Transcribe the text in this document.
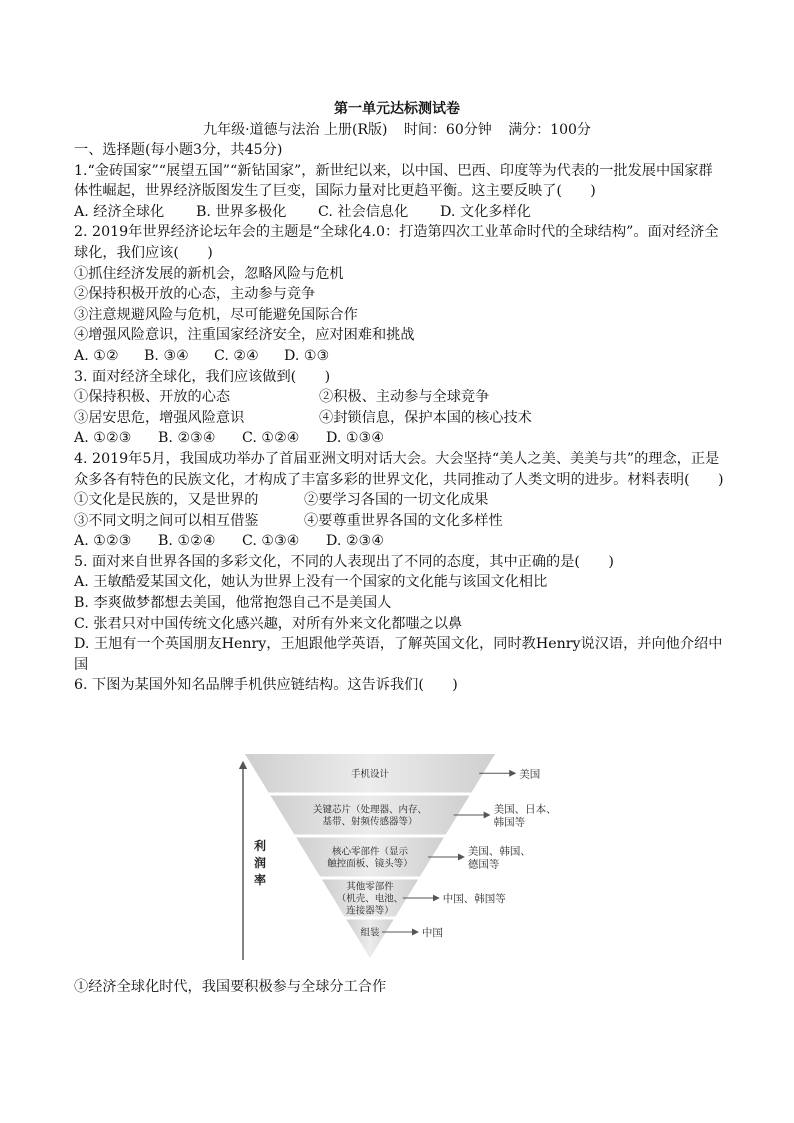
第一单元达标测试卷
九年级·道德与法治 上册(R版) 时间：60分钟 满分：100分
一、选择题(每小题3分，共45分)
1.“金砖国家”“展望五国”“新钻国家”，新世纪以来，以中国、巴西、印度等为代表的一批发展中国家群体性崛起，世界经济版图发生了巨变，国际力量对比更趋平衡。这主要反映了(　　)
A. 经济全球化 B. 世界多极化 C. 社会信息化 D. 文化多样化
2. 2019年世界经济论坛年会的主题是“全球化4.0：打造第四次工业革命时代的全球结构”。面对经济全球化，我们应该(　　)
①抓住经济发展的新机会，忽略风险与危机
②保持积极开放的心态，主动参与竞争
③注意规避风险与危机，尽可能避免国际合作
④增强风险意识，注重国家经济安全，应对困难和挑战
A. ①② B. ③④ C. ②④ D. ①③
3. 面对经济全球化，我们应该做到(　　)
①保持积极、开放的心态	②积极、主动参与全球竞争
③居安思危，增强风险意识	④封锁信息，保护本国的核心技术
A. ①②③ B. ②③④ C. ①②④ D. ①③④
4. 2019年5月，我国成功举办了首届亚洲文明对话大会。大会坚持“美人之美、美美与共”的理念，正是众多各有特色的民族文化，才构成了丰富多彩的世界文化，共同推动了人类文明的进步。材料表明(　　)
①文化是民族的，又是世界的	②要学习各国的一切文化成果
③不同文明之间可以相互借鉴	④要尊重世界各国的文化多样性
A. ①②③ B. ①②④ C. ①③④ D. ②③④
5. 面对来自世界各国的多彩文化，不同的人表现出了不同的态度，其中正确的是(　　)
A. 王敏酷爱某国文化，她认为世界上没有一个国家的文化能与该国文化相比
B. 李爽做梦都想去美国，他常抱怨自己不是美国人
C. 张君只对中国传统文化感兴趣，对所有外来文化都嗤之以鼻
D. 王旭有一个英国朋友Henry，王旭跟他学英语，了解英国文化，同时教Henry说汉语，并向他介绍中国
6. 下图为某国外知名品牌手机供应链结构。这告诉我们(　　)
手机设计	美国
关键芯片（处理器、内存、
基带、射频传感器等）
美国、日本、
韩国等
核心零部件（显示
触控面板、镜头等）
美国、韩国、
德国等
其他零部件
（机壳、电池、
连接器等）
中国、韩国等
组装	中国
利
润
率
①经济全球化时代，我国要积极参与全球分工合作
